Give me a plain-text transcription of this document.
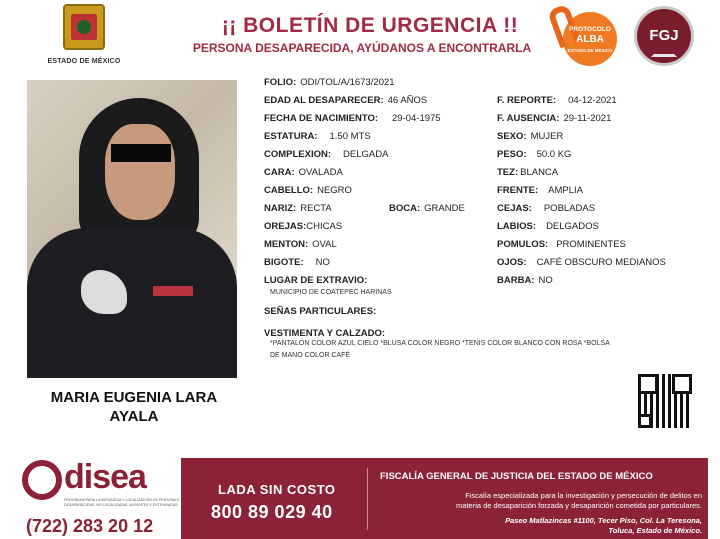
ESTADO DE MÉXICO
¡¡ BOLETÍN DE URGENCIA !!
PERSONA DESAPARECIDA, AYÚDANOS A ENCONTRARLA
PROTOCOLO
ALBA
ESTADO DE MÉXICO
FGJ
MARIA EUGENIA LARA
AYALA
FOLIO: ODI/TOL/A/1673/2021
EDAD AL DESAPARECER: 46 AÑOS
FECHA DE NACIMIENTO: 29-04-1975
ESTATURA: 1.50 MTS
COMPLEXION: DELGADA
CARA: OVALADA
CABELLO: NEGRO
NARIZ: RECTA	BOCA: GRANDE
OREJAS:CHICAS
MENTON: OVAL
BIGOTE: NO
LUGAR DE EXTRAVIO:
MUNICIPIO DE COATEPEC HARINAS
SEÑAS PARTICULARES:
VESTIMENTA Y CALZADO:
*PANTALÓN COLOR AZUL CIELO *BLUSA COLOR NEGRO *TENIS COLOR BLANCO CON ROSA *BOLSA
DE MANO COLOR CAFÉ
F. REPORTE: 04-12-2021
F. AUSENCIA: 29-11-2021
SEXO: MUJER
PESO: 50.0 KG
TEZ: BLANCA
FRENTE: AMPLIA
CEJAS: POBLADAS
LABIOS: DELGADOS
POMULOS: PROMINENTES
OJOS: CAFÉ OBSCURO MEDIANOS
BARBA: NO
disea
PROGRAMA PARA LA BÚSQUEDA Y LOCALIZACIÓN DE PERSONAS DESAPARECIDAS, NO LOCALIZADAS, AUSENTES Y EXTRAVIADAS
(722) 283 20 12
LADA SIN COSTO
800 89 029 40
FISCALÍA GENERAL DE JUSTICIA DEL ESTADO DE MÉXICO
Fiscalía especializada para la investigación y persecución de delitos en
materia de desaparición forzada y desaparición cometida por particulares.
Paseo Matlazincas #1100, Tecer Piso, Col. La Teresona,
Toluca, Estado de México.
